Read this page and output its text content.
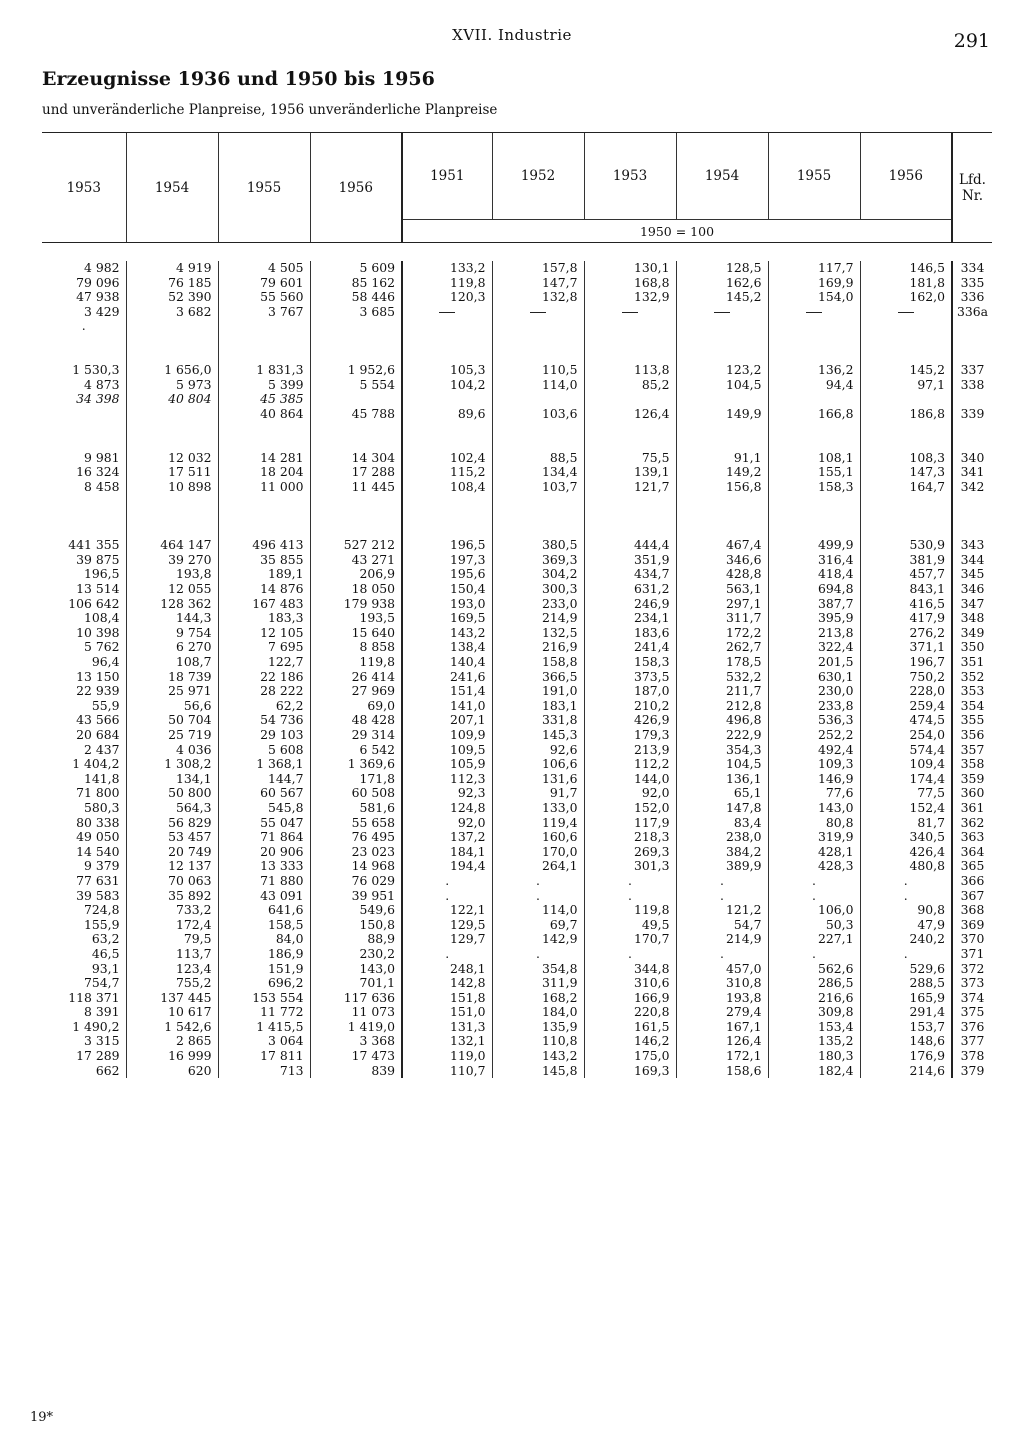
XVII. Industrie	291
Erzeugnisse 1936 und 1950 bis 1956
und unveränderliche Planpreise, 1956 unveränderliche Planpreise
1953	1954	1955	1956	1951	1952	1953	1954	1955	1956	Lfd. Nr.
				1950 = 100						

4 982	4 919	4 505	5 609	133,2	157,8	130,1	128,5	117,7	146,5	334
79 096	76 185	79 601	85 162	119,8	147,7	168,8	162,6	169,9	181,8	335
47 938	52 390	55 560	58 446	120,3	132,8	132,9	145,2	154,0	162,0	336
3 429	3 682	3 767	3 685							336a
.										

1 530,3	1 656,0	1 831,3	1 952,6	105,3	110,5	113,8	123,2	136,2	145,2	337
4 873	5 973	5 399	5 554	104,2	114,0	85,2	104,5	94,4	97,1	338
34 398	40 804	45 385								
		40 864	45 788	89,6	103,6	126,4	149,9	166,8	186,8	339

9 981	12 032	14 281	14 304	102,4	88,5	75,5	91,1	108,1	108,3	340
16 324	17 511	18 204	17 288	115,2	134,4	139,1	149,2	155,1	147,3	341
8 458	10 898	11 000	11 445	108,4	103,7	121,7	156,8	158,3	164,7	342

441 355	464 147	496 413	527 212	196,5	380,5	444,4	467,4	499,9	530,9	343
39 875	39 270	35 855	43 271	197,3	369,3	351,9	346,6	316,4	381,9	344
196,5	193,8	189,1	206,9	195,6	304,2	434,7	428,8	418,4	457,7	345
13 514	12 055	14 876	18 050	150,4	300,3	631,2	563,1	694,8	843,1	346
106 642	128 362	167 483	179 938	193,0	233,0	246,9	297,1	387,7	416,5	347
108,4	144,3	183,3	193,5	169,5	214,9	234,1	311,7	395,9	417,9	348
10 398	9 754	12 105	15 640	143,2	132,5	183,6	172,2	213,8	276,2	349
5 762	6 270	7 695	8 858	138,4	216,9	241,4	262,7	322,4	371,1	350
96,4	108,7	122,7	119,8	140,4	158,8	158,3	178,5	201,5	196,7	351
13 150	18 739	22 186	26 414	241,6	366,5	373,5	532,2	630,1	750,2	352
22 939	25 971	28 222	27 969	151,4	191,0	187,0	211,7	230,0	228,0	353
55,9	56,6	62,2	69,0	141,0	183,1	210,2	212,8	233,8	259,4	354
43 566	50 704	54 736	48 428	207,1	331,8	426,9	496,8	536,3	474,5	355
20 684	25 719	29 103	29 314	109,9	145,3	179,3	222,9	252,2	254,0	356
2 437	4 036	5 608	6 542	109,5	92,6	213,9	354,3	492,4	574,4	357
1 404,2	1 308,2	1 368,1	1 369,6	105,9	106,6	112,2	104,5	109,3	109,4	358
141,8	134,1	144,7	171,8	112,3	131,6	144,0	136,1	146,9	174,4	359
71 800	50 800	60 567	60 508	92,3	91,7	92,0	65,1	77,6	77,5	360
580,3	564,3	545,8	581,6	124,8	133,0	152,0	147,8	143,0	152,4	361
80 338	56 829	55 047	55 658	92,0	119,4	117,9	83,4	80,8	81,7	362
49 050	53 457	71 864	76 495	137,2	160,6	218,3	238,0	319,9	340,5	363
14 540	20 749	20 906	23 023	184,1	170,0	269,3	384,2	428,1	426,4	364
9 379	12 137	13 333	14 968	194,4	264,1	301,3	389,9	428,3	480,8	365
77 631	70 063	71 880	76 029	.	.	.	.	.	.	366
39 583	35 892	43 091	39 951	.	.	.	.	.	.	367
724,8	733,2	641,6	549,6	122,1	114,0	119,8	121,2	106,0	90,8	368
155,9	172,4	158,5	150,8	129,5	69,7	49,5	54,7	50,3	47,9	369
63,2	79,5	84,0	88,9	129,7	142,9	170,7	214,9	227,1	240,2	370
46,5	113,7	186,9	230,2	.	.	.	.	.	.	371
93,1	123,4	151,9	143,0	248,1	354,8	344,8	457,0	562,6	529,6	372
754,7	755,2	696,2	701,1	142,8	311,9	310,6	310,8	286,5	288,5	373
118 371	137 445	153 554	117 636	151,8	168,2	166,9	193,8	216,6	165,9	374
8 391	10 617	11 772	11 073	151,0	184,0	220,8	279,4	309,8	291,4	375
1 490,2	1 542,6	1 415,5	1 419,0	131,3	135,9	161,5	167,1	153,4	153,7	376
3 315	2 865	3 064	3 368	132,1	110,8	146,2	126,4	135,2	148,6	377
17 289	16 999	17 811	17 473	119,0	143,2	175,0	172,1	180,3	176,9	378
662	620	713	839	110,7	145,8	169,3	158,6	182,4	214,6	379
19*
